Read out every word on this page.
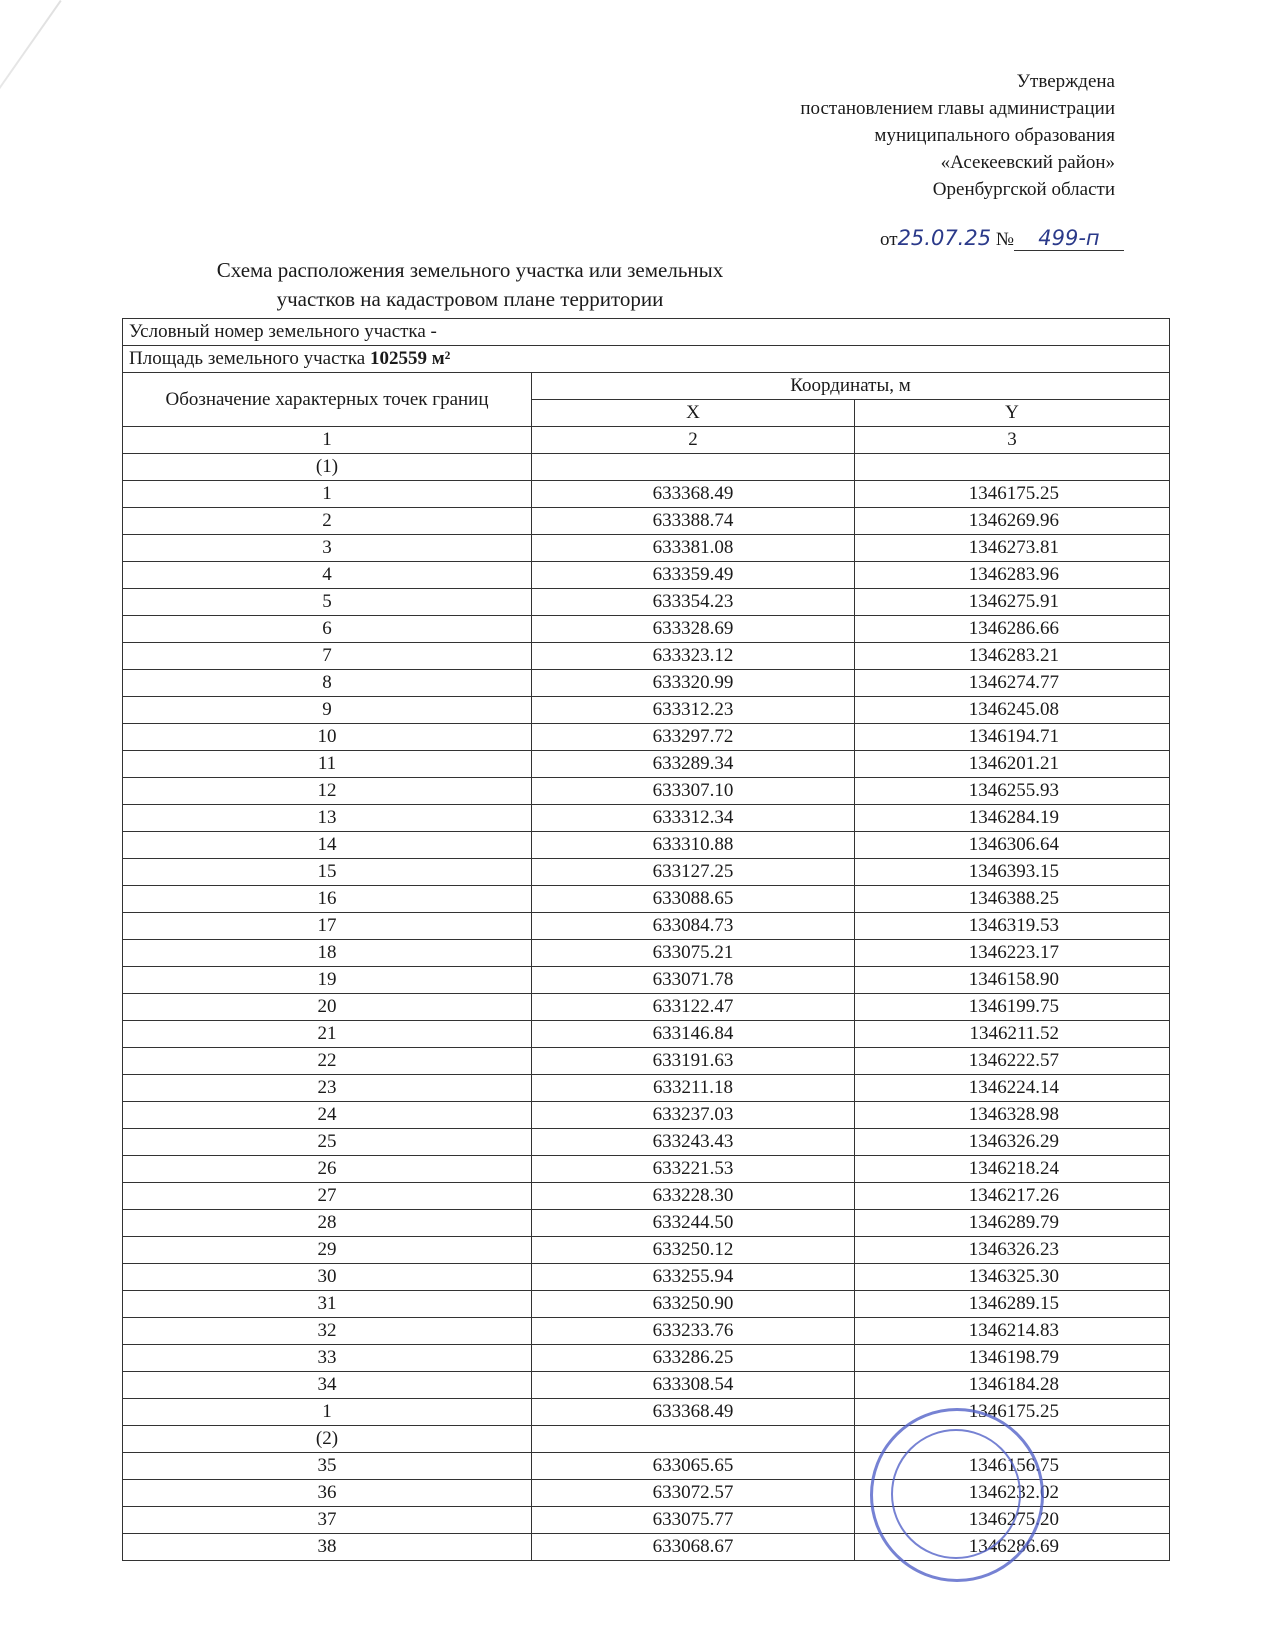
Утверждена
постановлением главы администрации
муниципального образования
«Асекеевский район»
Оренбургской области
от25.07.25 № 499-п
Схема расположения земельного участка или земельных
участков на кадастровом плане территории
Условный номер земельного участка -		
Площадь земельного участка 102559 м²		
Обозначение характерных точек границ	Координаты, м	
	X	Y
1	2	3
(1)		
1	633368.49	1346175.25
2	633388.74	1346269.96
3	633381.08	1346273.81
4	633359.49	1346283.96
5	633354.23	1346275.91
6	633328.69	1346286.66
7	633323.12	1346283.21
8	633320.99	1346274.77
9	633312.23	1346245.08
10	633297.72	1346194.71
11	633289.34	1346201.21
12	633307.10	1346255.93
13	633312.34	1346284.19
14	633310.88	1346306.64
15	633127.25	1346393.15
16	633088.65	1346388.25
17	633084.73	1346319.53
18	633075.21	1346223.17
19	633071.78	1346158.90
20	633122.47	1346199.75
21	633146.84	1346211.52
22	633191.63	1346222.57
23	633211.18	1346224.14
24	633237.03	1346328.98
25	633243.43	1346326.29
26	633221.53	1346218.24
27	633228.30	1346217.26
28	633244.50	1346289.79
29	633250.12	1346326.23
30	633255.94	1346325.30
31	633250.90	1346289.15
32	633233.76	1346214.83
33	633286.25	1346198.79
34	633308.54	1346184.28
1	633368.49	1346175.25
(2)		
35	633065.65	1346156.75
36	633072.57	1346232.02
37	633075.77	1346275.20
38	633068.67	1346286.69
